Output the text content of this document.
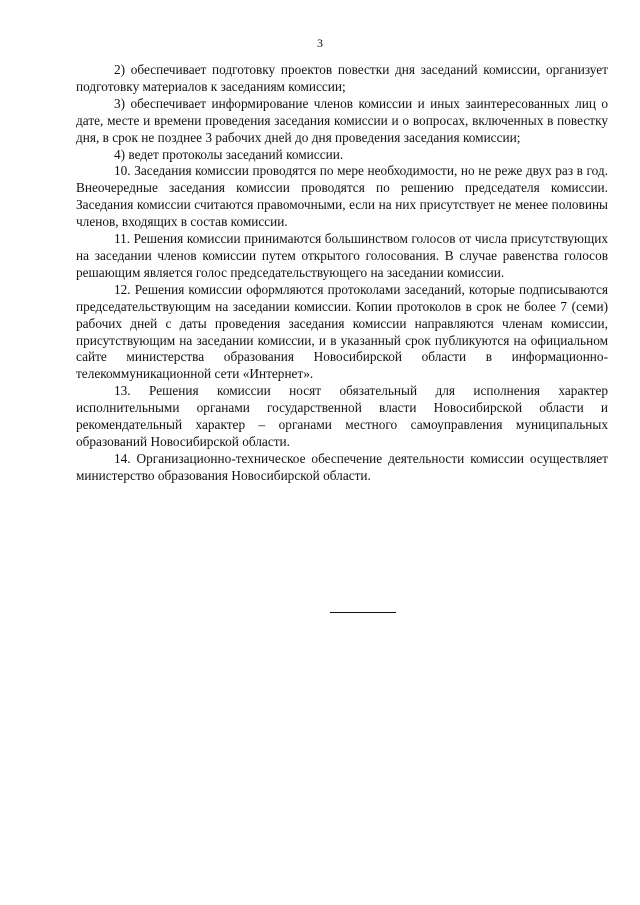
3

2) обеспечивает подготовку проектов повестки дня заседаний комиссии, организует подготовку материалов к заседаниям комиссии;

3) обеспечивает информирование членов комиссии и иных заинтересованных лиц о дате, месте и времени проведения заседания комиссии и о вопросах, включенных в повестку дня, в срок не позднее 3 рабочих дней до дня проведения заседания комиссии;

4) ведет протоколы заседаний комиссии.

10. Заседания комиссии проводятся по мере необходимости, но не реже двух раз в год. Внеочередные заседания комиссии проводятся по решению председателя комиссии. Заседания комиссии считаются правомочными, если на них присутствует не менее половины членов, входящих в состав комиссии.

11. Решения комиссии принимаются большинством голосов от числа присутствующих на заседании членов комиссии путем открытого голосования. В случае равенства голосов решающим является голос председательствующего на заседании комиссии.

12. Решения комиссии оформляются протоколами заседаний, которые подписываются председательствующим на заседании комиссии. Копии протоколов в срок не более 7 (семи) рабочих дней с даты проведения заседания комиссии направляются членам комиссии, присутствующим на заседании комиссии, и в указанный срок публикуются на официальном сайте министерства образования Новосибирской области в информационно-телекоммуникационной сети «Интернет».

13. Решения комиссии носят обязательный для исполнения характер исполнительными органами государственной власти Новосибирской области и рекомендательный характер – органами местного самоуправления муниципальных образований Новосибирской области.

14. Организационно-техническое обеспечение деятельности комиссии осуществляет министерство образования Новосибирской области.
